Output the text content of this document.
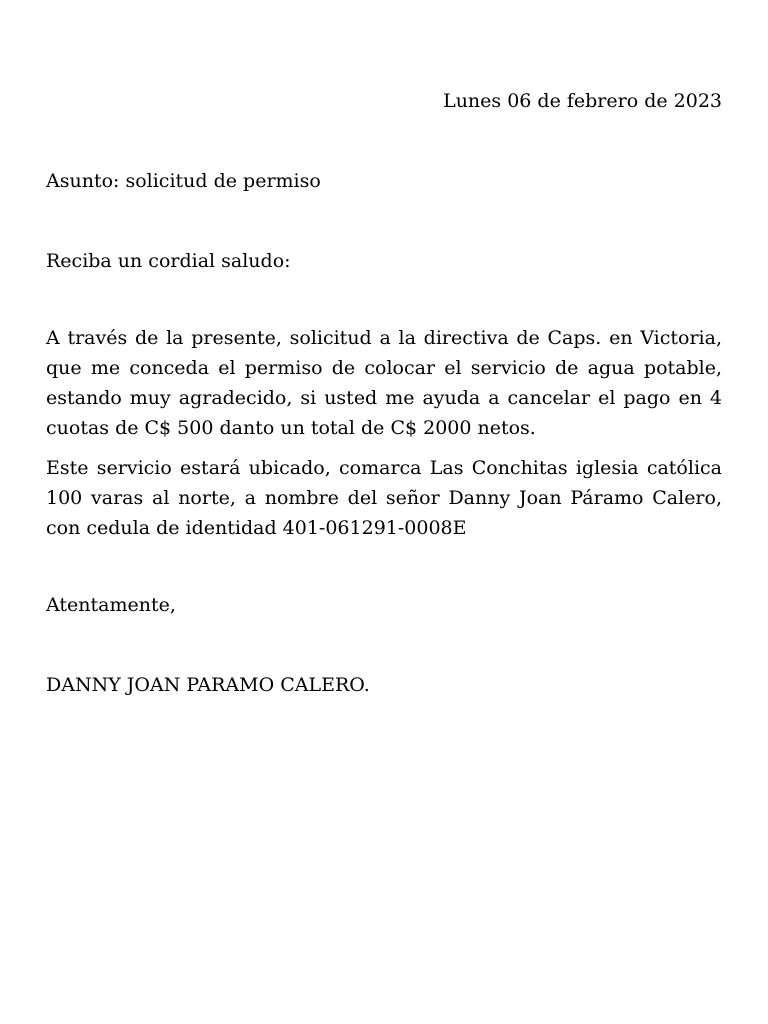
Lunes 06 de febrero de 2023
Asunto: solicitud de permiso
Reciba un cordial saludo:
A través de la presente, solicitud a la directiva de Caps. en Victoria, que me conceda el permiso de colocar el servicio de agua potable, estando muy agradecido, si usted me ayuda a cancelar el pago en 4 cuotas de C$ 500 danto un total de C$ 2000 netos.
Este servicio estará ubicado, comarca Las Conchitas iglesia católica 100 varas al norte, a nombre del señor Danny Joan Páramo Calero, con cedula de identidad 401-061291-0008E
Atentamente,
DANNY JOAN PARAMO CALERO.
